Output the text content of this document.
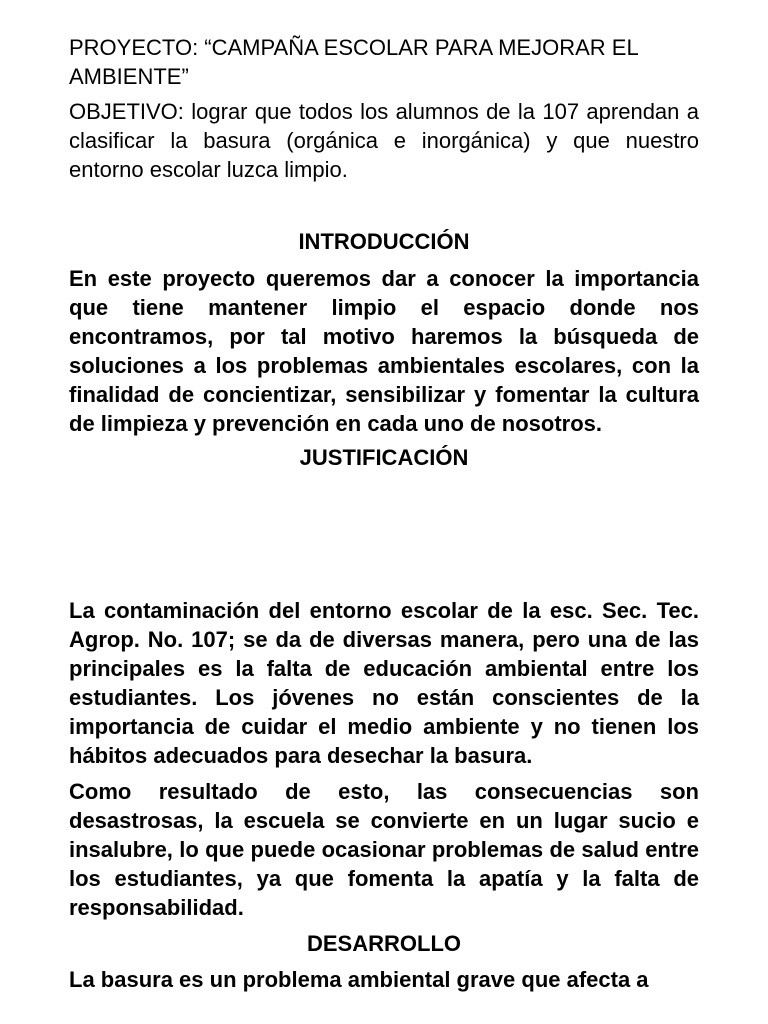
PROYECTO: “CAMPAÑA ESCOLAR PARA MEJORAR EL AMBIENTE”

OBJETIVO: lograr que todos los alumnos de la 107 aprendan a clasificar la basura (orgánica e inorgánica) y que nuestro entorno escolar luzca limpio.

INTRODUCCIÓN

En este proyecto queremos dar a conocer la importancia que tiene mantener limpio el espacio donde nos encontramos, por tal motivo haremos la búsqueda de soluciones a los problemas ambientales escolares, con la finalidad de concientizar, sensibilizar y fomentar la cultura de limpieza y prevención en cada uno de nosotros.

JUSTIFICACIÓN

La contaminación del entorno escolar de la esc. Sec. Tec. Agrop. No. 107; se da de diversas manera, pero una de las principales es la falta de educación ambiental entre los estudiantes. Los jóvenes no están conscientes de la importancia de cuidar el medio ambiente y no tienen los hábitos adecuados para desechar la basura.

Como resultado de esto, las consecuencias son desastrosas, la escuela se convierte en un lugar sucio e insalubre, lo que puede ocasionar problemas de salud entre los estudiantes, ya que fomenta la apatía y la falta de responsabilidad.

DESARROLLO

La basura es un problema ambiental grave que afecta a
